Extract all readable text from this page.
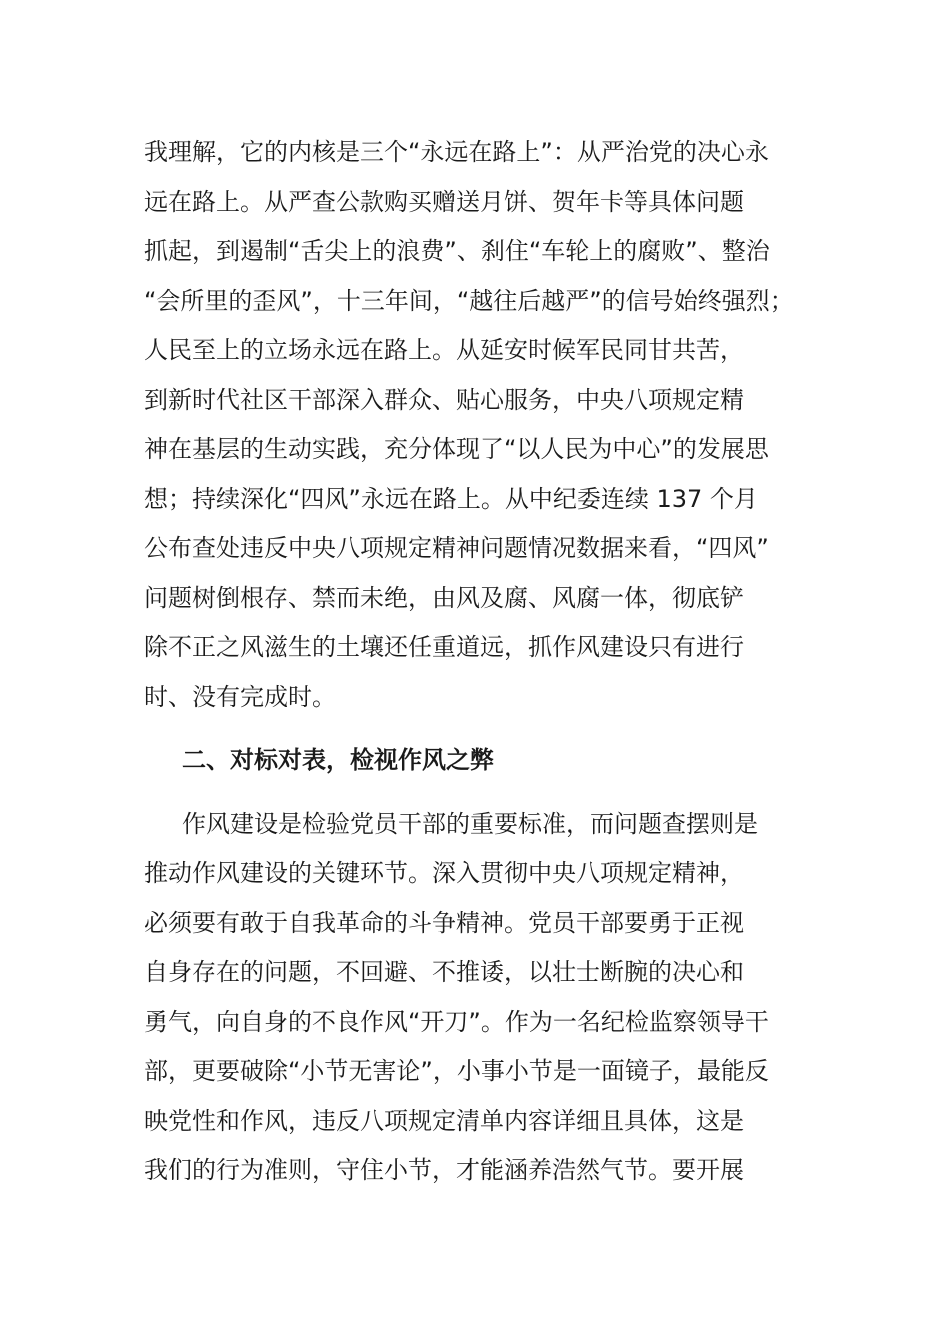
我理解，它的内核是三个“永远在路上”：从严治党的决心永
远在路上。从严查公款购买赠送月饼、贺年卡等具体问题
抓起，到遏制“舌尖上的浪费”、刹住“车轮上的腐败”、整治
“会所里的歪风”，十三年间，“越往后越严”的信号始终强烈；
人民至上的立场永远在路上。从延安时候军民同甘共苦，
到新时代社区干部深入群众、贴心服务，中央八项规定精
神在基层的生动实践，充分体现了“以人民为中心”的发展思
想；持续深化“四风”永远在路上。从中纪委连续 137 个月
公布查处违反中央八项规定精神问题情况数据来看，“四风”
问题树倒根存、禁而未绝，由风及腐、风腐一体，彻底铲
除不正之风滋生的土壤还任重道远，抓作风建设只有进行
时、没有完成时。
二、对标对表，检视作风之弊
作风建设是检验党员干部的重要标准，而问题查摆则是
推动作风建设的关键环节。深入贯彻中央八项规定精神，
必须要有敢于自我革命的斗争精神。党员干部要勇于正视
自身存在的问题，不回避、不推诿，以壮士断腕的决心和
勇气，向自身的不良作风“开刀”。作为一名纪检监察领导干
部，更要破除“小节无害论”，小事小节是一面镜子，最能反
映党性和作风，违反八项规定清单内容详细且具体，这是
我们的行为准则，守住小节，才能涵养浩然气节。要开展
